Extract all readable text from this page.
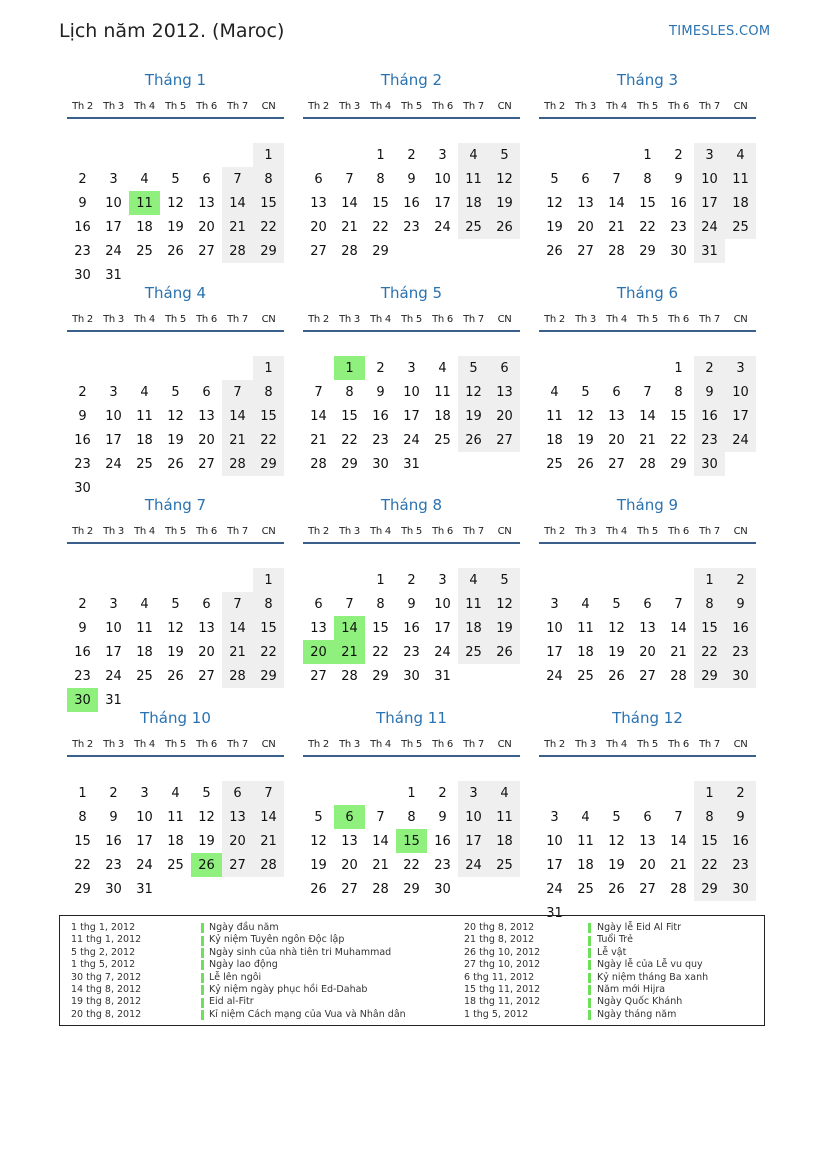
Lịch năm 2012. (Maroc)	TIMESLES.COM
Tháng 1
Th 2	Th 3	Th 4	Th 5	Th 6	Th 7	CN

						1
2	3	4	5	6	7	8
9	10	11	12	13	14	15
16	17	18	19	20	21	22
23	24	25	26	27	28	29
30	31					
Tháng 2
Th 2	Th 3	Th 4	Th 5	Th 6	Th 7	CN

		1	2	3	4	5
6	7	8	9	10	11	12
13	14	15	16	17	18	19
20	21	22	23	24	25	26
27	28	29				
Tháng 3
Th 2	Th 3	Th 4	Th 5	Th 6	Th 7	CN

			1	2	3	4
5	6	7	8	9	10	11
12	13	14	15	16	17	18
19	20	21	22	23	24	25
26	27	28	29	30	31	
Tháng 4
Th 2	Th 3	Th 4	Th 5	Th 6	Th 7	CN

						1
2	3	4	5	6	7	8
9	10	11	12	13	14	15
16	17	18	19	20	21	22
23	24	25	26	27	28	29
30						
Tháng 5
Th 2	Th 3	Th 4	Th 5	Th 6	Th 7	CN

	1	2	3	4	5	6
7	8	9	10	11	12	13
14	15	16	17	18	19	20
21	22	23	24	25	26	27
28	29	30	31			
Tháng 6
Th 2	Th 3	Th 4	Th 5	Th 6	Th 7	CN

				1	2	3
4	5	6	7	8	9	10
11	12	13	14	15	16	17
18	19	20	21	22	23	24
25	26	27	28	29	30	
Tháng 7
Th 2	Th 3	Th 4	Th 5	Th 6	Th 7	CN

						1
2	3	4	5	6	7	8
9	10	11	12	13	14	15
16	17	18	19	20	21	22
23	24	25	26	27	28	29
30	31					
Tháng 8
Th 2	Th 3	Th 4	Th 5	Th 6	Th 7	CN

		1	2	3	4	5
6	7	8	9	10	11	12
13	14	15	16	17	18	19
20	21	22	23	24	25	26
27	28	29	30	31		
Tháng 9
Th 2	Th 3	Th 4	Th 5	Th 6	Th 7	CN

					1	2
3	4	5	6	7	8	9
10	11	12	13	14	15	16
17	18	19	20	21	22	23
24	25	26	27	28	29	30
Tháng 10
Th 2	Th 3	Th 4	Th 5	Th 6	Th 7	CN

1	2	3	4	5	6	7
8	9	10	11	12	13	14
15	16	17	18	19	20	21
22	23	24	25	26	27	28
29	30	31				
Tháng 11
Th 2	Th 3	Th 4	Th 5	Th 6	Th 7	CN

			1	2	3	4
5	6	7	8	9	10	11
12	13	14	15	16	17	18
19	20	21	22	23	24	25
26	27	28	29	30		
Tháng 12
Th 2	Th 3	Th 4	Th 5	Th 6	Th 7	CN

					1	2
3	4	5	6	7	8	9
10	11	12	13	14	15	16
17	18	19	20	21	22	23
24	25	26	27	28	29	30
31						
1 thg 1, 2012	Ngày đầu năm
11 thg 1, 2012	Kỷ niệm Tuyên ngôn Độc lập
5 thg 2, 2012	Ngày sinh của nhà tiên tri Muhammad
1 thg 5, 2012	Ngày lao động
30 thg 7, 2012	Lễ lên ngôi
14 thg 8, 2012	Kỷ niệm ngày phục hồi Ed-Dahab
19 thg 8, 2012	Eid al-Fitr
20 thg 8, 2012	Kỉ niệm Cách mạng của Vua và Nhân dân
20 thg 8, 2012	Ngày lễ Eid Al Fitr
21 thg 8, 2012	Tuổi Trẻ
26 thg 10, 2012	Lễ vật
27 thg 10, 2012	Ngày lễ của Lễ vu quy
6 thg 11, 2012	Kỷ niệm tháng Ba xanh
15 thg 11, 2012	Năm mới Hijra
18 thg 11, 2012	Ngày Quốc Khánh
1 thg 5, 2012	Ngày tháng năm
